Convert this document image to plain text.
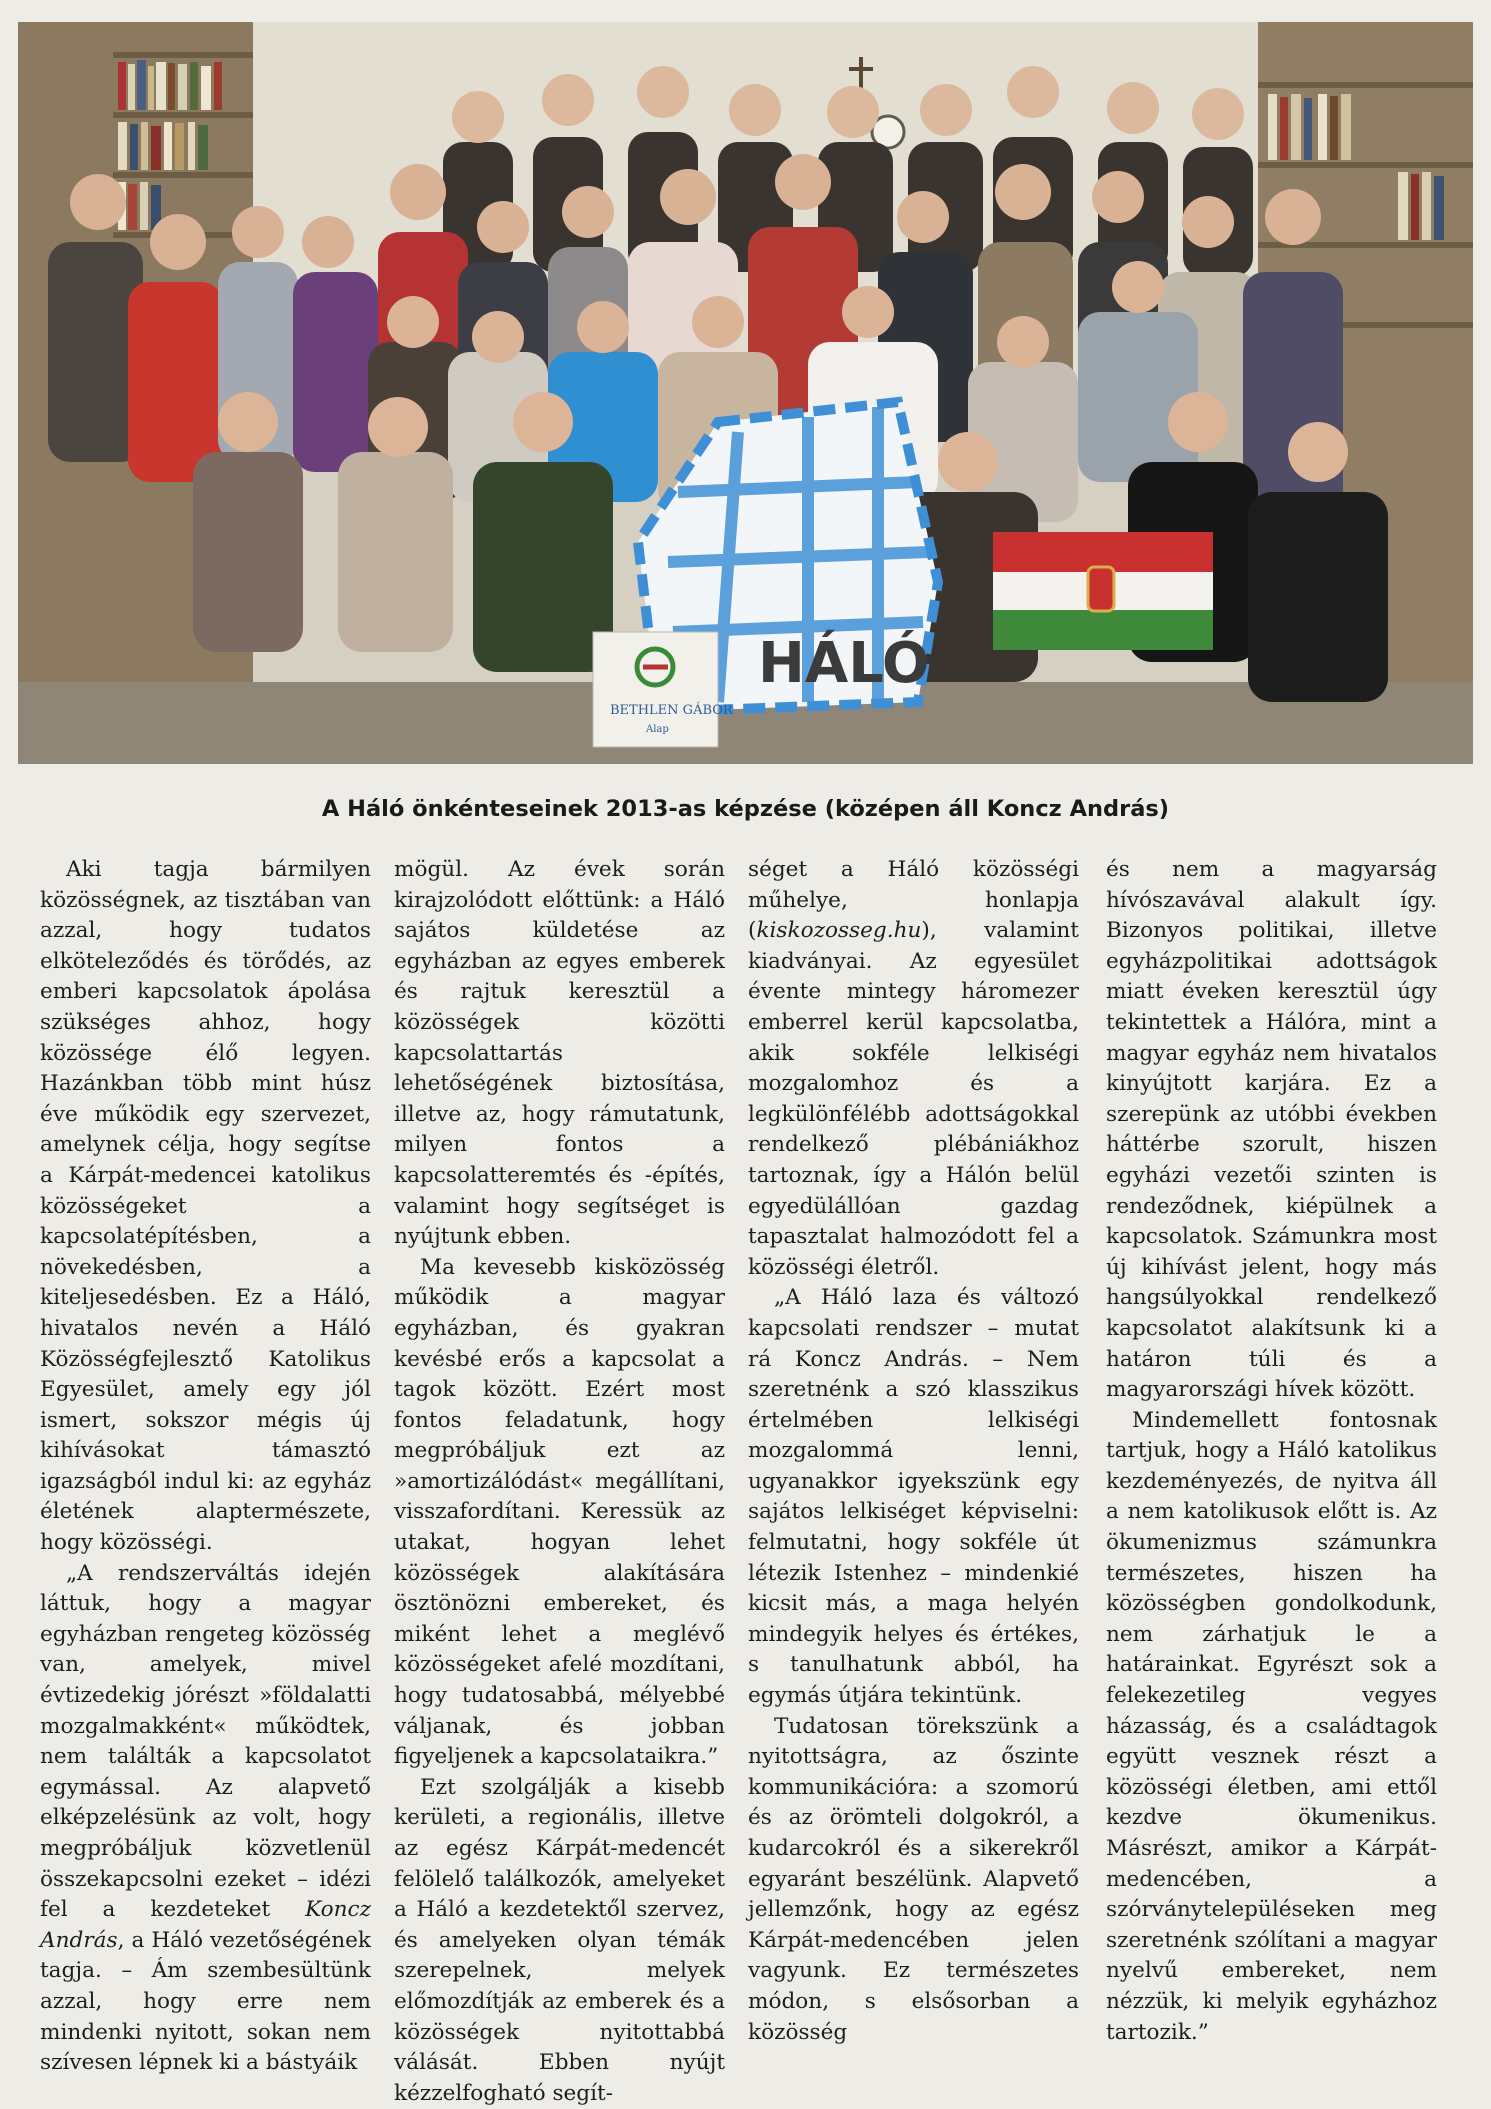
HÁLÓ
BETHLEN GÁBOR
Alap
A Háló önkénteseinek 2013-as képzése (középen áll Koncz András)

Aki tagja bármilyen közösségnek, az tisztában van azzal, hogy tudatos elköteleződés és törődés, az emberi kapcsolatok ápolása szükséges ahhoz, hogy közössége élő legyen. Hazánkban több mint húsz éve működik egy szervezet, amelynek célja, hogy segítse a Kárpát-medencei katolikus közösségeket a kapcsolatépítésben, a növekedésben, a kiteljesedésben. Ez a Háló, hivatalos nevén a Háló Közösségfejlesztő Katolikus Egyesület, amely egy jól ismert, sokszor mégis új kihívásokat támasztó igazságból indul ki: az egyház életének alaptermészete, hogy közösségi.

„A rendszerváltás idején láttuk, hogy a magyar egyházban rengeteg közösség van, amelyek, mivel évtizedekig jórészt »földalatti mozgalmakként« működtek, nem találták a kapcsolatot egymással. Az alapvető elképzelésünk az volt, hogy megpróbáljuk közvetlenül összekapcsolni ezeket – idézi fel a kezdeteket Koncz András, a Háló vezetőségének tagja. – Ám szembesültünk azzal, hogy erre nem mindenki nyitott, sokan nem szívesen lépnek ki a bástyáik

mögül. Az évek során kirajzolódott előttünk: a Háló sajátos küldetése az egyházban az egyes emberek és rajtuk keresztül a közösségek közötti kapcsolattartás lehetőségének biztosítása, illetve az, hogy rámutatunk, milyen fontos a kapcsolatteremtés és -építés, valamint hogy segítséget is nyújtunk ebben.

Ma kevesebb kisközösség működik a magyar egyházban, és gyakran kevésbé erős a kapcsolat a tagok között. Ezért most fontos feladatunk, hogy megpróbáljuk ezt az »amortizálódást« megállítani, visszafordítani. Keressük az utakat, hogyan lehet közösségek alakítására ösztönözni embereket, és miként lehet a meglévő közösségeket afelé mozdítani, hogy tudatosabbá, mélyebbé váljanak, és jobban figyeljenek a kapcsolataikra.”

Ezt szolgálják a kisebb kerületi, a regionális, illetve az egész Kárpát-medencét felölelő találkozók, amelyeket a Háló a kezdetektől szervez, és amelyeken olyan témák szerepelnek, melyek előmozdítják az emberek és a közösségek nyitottabbá válását. Ebben nyújt kézzelfogható segít-

séget a Háló közösségi műhelye, honlapja (kiskozosseg.hu), valamint kiadványai. Az egyesület évente mintegy háromezer emberrel kerül kapcsolatba, akik sokféle lelkiségi mozgalomhoz és a legkülönfélébb adottságokkal rendelkező plébániákhoz tartoznak, így a Hálón belül egyedülállóan gazdag tapasztalat halmozódott fel a közösségi életről.

„A Háló laza és változó kapcsolati rendszer – mutat rá Koncz András. – Nem szeretnénk a szó klasszikus értelmében lelkiségi mozgalommá lenni, ugyanakkor igyekszünk egy sajátos lelkiséget képviselni: felmutatni, hogy sokféle út létezik Istenhez – mindenkié kicsit más, a maga helyén mindegyik helyes és értékes, s tanulhatunk abból, ha egymás útjára tekintünk.

Tudatosan törekszünk a nyitottságra, az őszinte kommunikációra: a szomorú és az örömteli dolgokról, a kudarcokról és a sikerekről egyaránt beszélünk. Alapvető jellemzőnk, hogy az egész Kárpát-medencében jelen vagyunk. Ez természetes módon, s elsősorban a közösség

és nem a magyarság hívószavával alakult így. Bizonyos politikai, illetve egyházpolitikai adottságok miatt éveken keresztül úgy tekintettek a Hálóra, mint a magyar egyház nem hivatalos kinyújtott karjára. Ez a szerepünk az utóbbi években háttérbe szorult, hiszen egyházi vezetői szinten is rendeződnek, kiépülnek a kapcsolatok. Számunkra most új kihívást jelent, hogy más hangsúlyokkal rendelkező kapcsolatot alakítsunk ki a határon túli és a magyarországi hívek között.

Mindemellett fontosnak tartjuk, hogy a Háló katolikus kezdeményezés, de nyitva áll a nem katolikusok előtt is. Az ökumenizmus számunkra természetes, hiszen ha közösségben gondolkodunk, nem zárhatjuk le a határainkat. Egyrészt sok a felekezetileg vegyes házasság, és a családtagok együtt vesznek részt a közösségi életben, ami ettől kezdve ökumenikus. Másrészt, amikor a Kárpát-medencében, a szórványtelepüléseken meg szeretnénk szólítani a magyar nyelvű embereket, nem nézzük, ki melyik egyházhoz tartozik.”
